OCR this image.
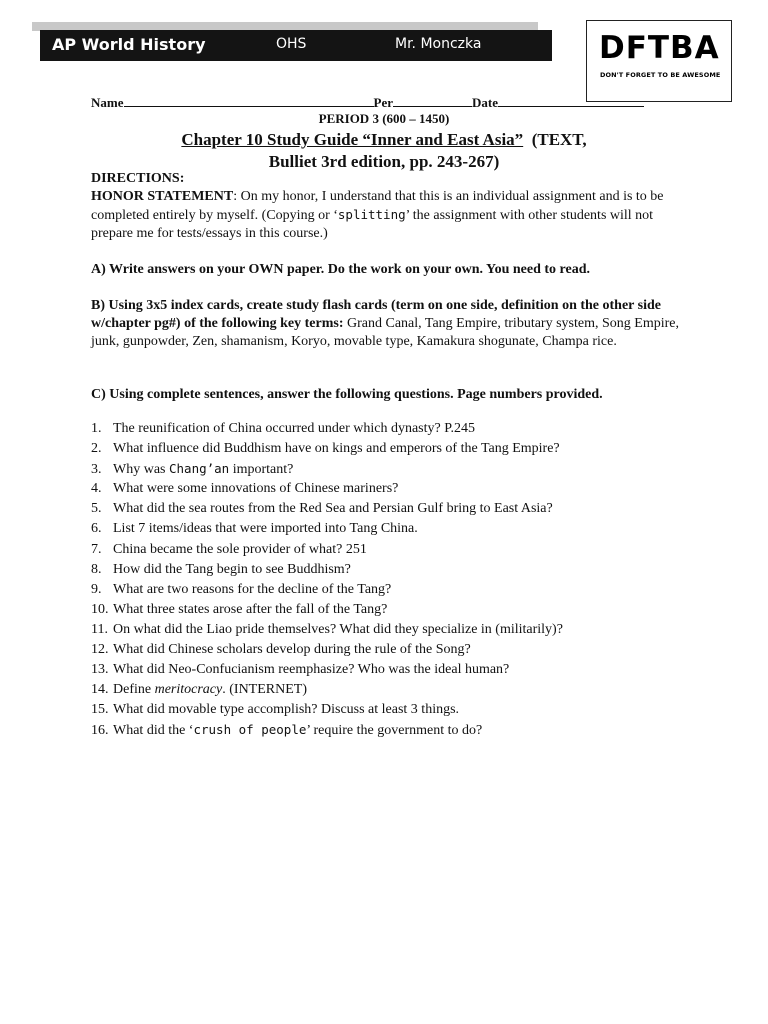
AP World History	OHS	Mr. Monczka	DFTBA
DON'T FORGET TO BE AWESOME
Name	Per	Date
PERIOD 3 (600 – 1450)
Chapter 10 Study Guide “Inner and East Asia” (TEXT,
Bulliet 3rd edition, pp. 243-267)
DIRECTIONS:
HONOR STATEMENT: On my honor, I understand that this is an individual assignment and is to be completed entirely by myself. (Copying or ‘splitting’ the assignment with other students will not prepare me for tests/essays in this course.)
A) Write answers on your OWN paper. Do the work on your own. You need to read.
B) Using 3x5 index cards, create study flash cards (term on one side, definition on the other side w/chapter pg#) of the following key terms: Grand Canal, Tang Empire, tributary system, Song Empire, junk, gunpowder, Zen, shamanism, Koryo, movable type, Kamakura shogunate, Champa rice.
C) Using complete sentences, answer the following questions. Page numbers provided.
1. The reunification of China occurred under which dynasty? P.245
2. What influence did Buddhism have on kings and emperors of the Tang Empire?
3. Why was Chang’an important?
4. What were some innovations of Chinese mariners?
5. What did the sea routes from the Red Sea and Persian Gulf bring to East Asia?
6. List 7 items/ideas that were imported into Tang China.
7. China became the sole provider of what? 251
8. How did the Tang begin to see Buddhism?
9. What are two reasons for the decline of the Tang?
10. What three states arose after the fall of the Tang?
11. On what did the Liao pride themselves? What did they specialize in (militarily)?
12. What did Chinese scholars develop during the rule of the Song?
13. What did Neo-Confucianism reemphasize? Who was the ideal human?
14. Define meritocracy. (INTERNET)
15. What did movable type accomplish? Discuss at least 3 things.
16. What did the ‘crush of people’ require the government to do?
